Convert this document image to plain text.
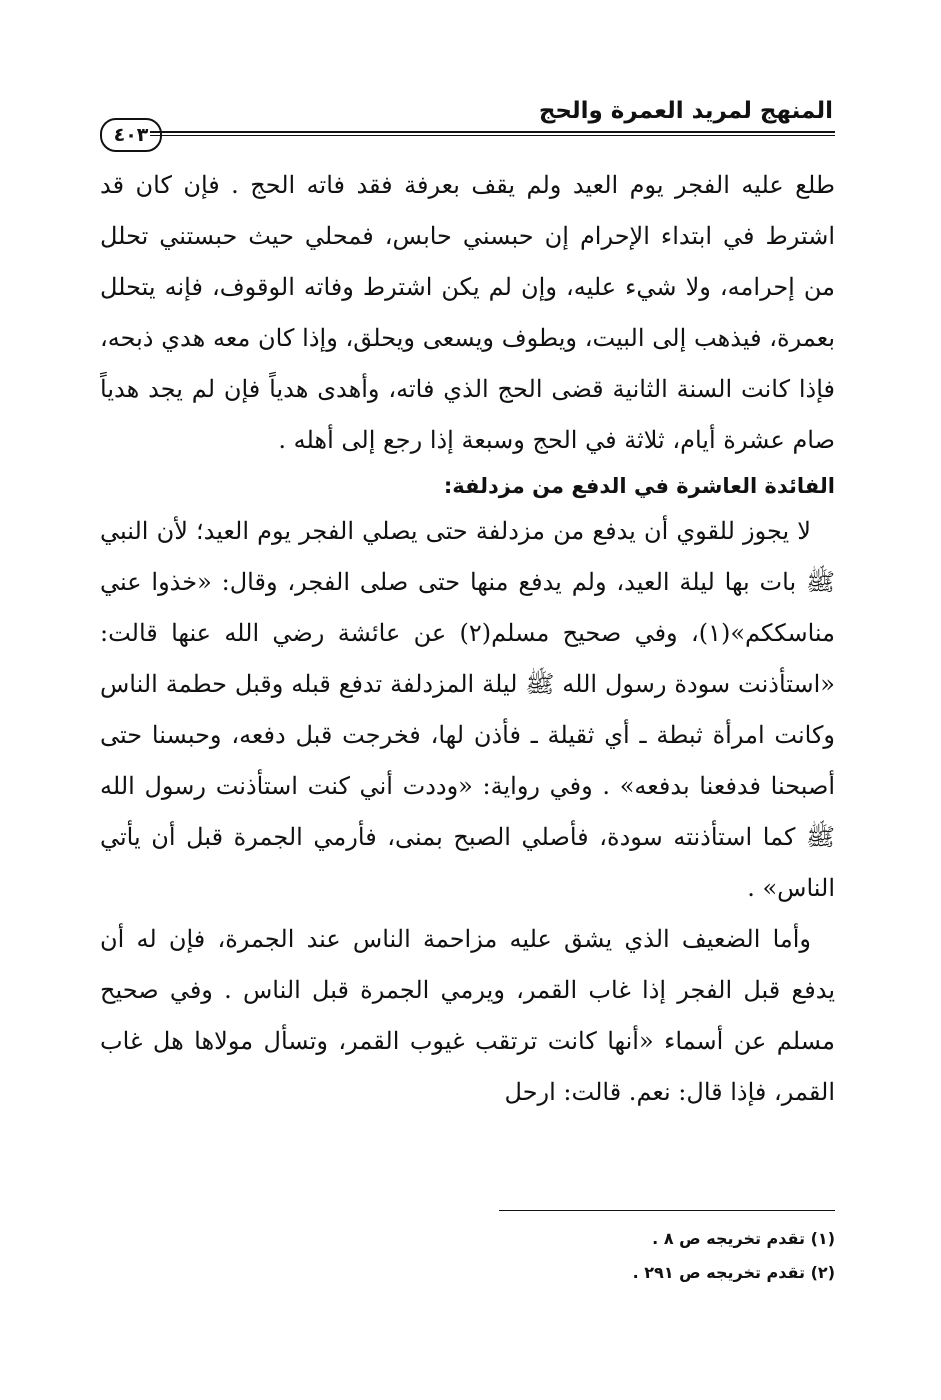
المنهج لمريد العمرة والحج
٤٠٣

طلع عليه الفجر يوم العيد ولم يقف بعرفة فقد فاته الحج . فإن كان قد اشترط في ابتداء الإحرام إن حبسني حابس، فمحلي حيث حبستني تحلل من إحرامه، ولا شيء عليه، وإن لم يكن اشترط وفاته الوقوف، فإنه يتحلل بعمرة، فيذهب إلى البيت، ويطوف ويسعى ويحلق، وإذا كان معه هدي ذبحه، فإذا كانت السنة الثانية قضى الحج الذي فاته، وأهدى هدياً فإن لم يجد هدياً صام عشرة أيام، ثلاثة في الحج وسبعة إذا رجع إلى أهله .

الفائدة العاشرة في الدفع من مزدلفة:

لا يجوز للقوي أن يدفع من مزدلفة حتى يصلي الفجر يوم العيد؛ لأن النبي ﷺ بات بها ليلة العيد، ولم يدفع منها حتى صلى الفجر، وقال: «خذوا عني مناسككم»(١)، وفي صحيح مسلم(٢) عن عائشة رضي الله عنها قالت: «استأذنت سودة رسول الله ﷺ ليلة المزدلفة تدفع قبله وقبل حطمة الناس وكانت امرأة ثبطة ـ أي ثقيلة ـ فأذن لها، فخرجت قبل دفعه، وحبسنا حتى أصبحنا فدفعنا بدفعه» . وفي رواية: «وددت أني كنت استأذنت رسول الله ﷺ كما استأذنته سودة، فأصلي الصبح بمنى، فأرمي الجمرة قبل أن يأتي الناس» .

وأما الضعيف الذي يشق عليه مزاحمة الناس عند الجمرة، فإن له أن يدفع قبل الفجر إذا غاب القمر، ويرمي الجمرة قبل الناس . وفي صحيح مسلم عن أسماء «أنها كانت ترتقب غيوب القمر، وتسأل مولاها هل غاب القمر، فإذا قال: نعم. قالت: ارحل

(١) تقدم تخريجه ص ٨ .

(٢) تقدم تخريجه ص ٢٩١ .
